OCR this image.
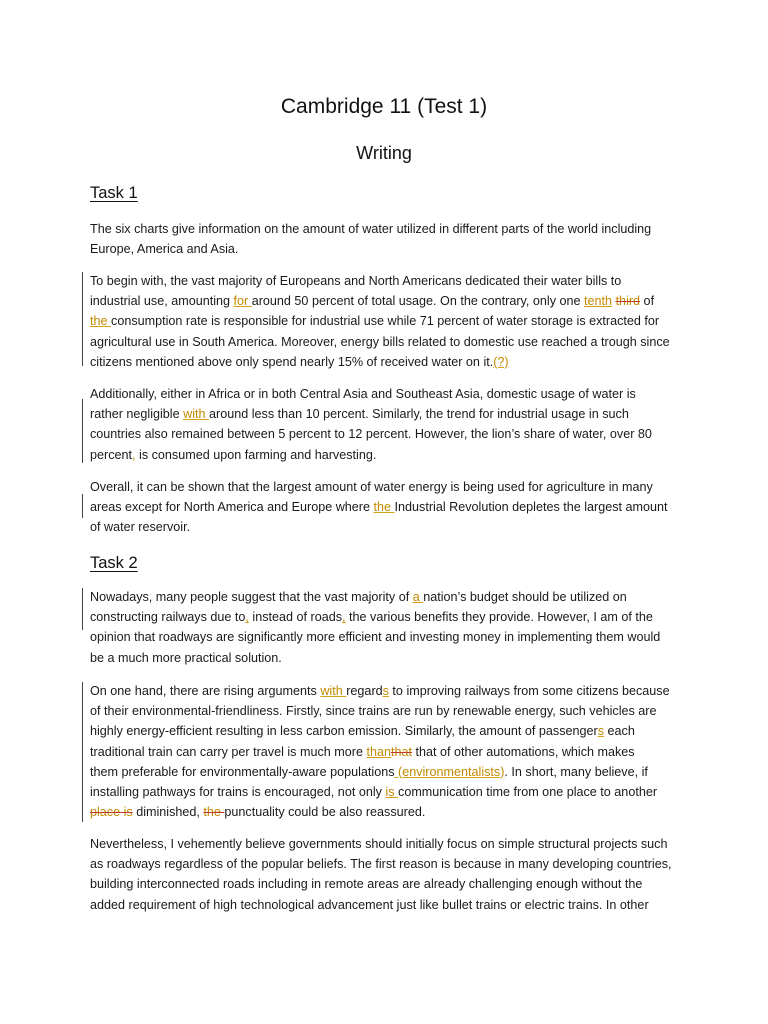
Cambridge 11 (Test 1)
Writing
Task 1
The six charts give information on the amount of water utilized in different parts of the world including
Europe, America and Asia.
To begin with, the vast majority of Europeans and North Americans dedicated their water bills to
industrial use, amounting for around 50 percent of total usage. On the contrary, only one tenth third of
the consumption rate is responsible for industrial use while 71 percent of water storage is extracted for
agricultural use in South America. Moreover, energy bills related to domestic use reached a trough since
citizens mentioned above only spend nearly 15% of received water on it.(?)
Additionally, either in Africa or in both Central Asia and Southeast Asia, domestic usage of water is
rather negligible with around less than 10 percent. Similarly, the trend for industrial usage in such
countries also remained between 5 percent to 12 percent. However, the lion’s share of water, over 80
percent, is consumed upon farming and harvesting.
Overall, it can be shown that the largest amount of water energy is being used for agriculture in many
areas except for North America and Europe where the Industrial Revolution depletes the largest amount
of water reservoir.
Task 2
Nowadays, many people suggest that the vast majority of a nation’s budget should be utilized on
constructing railways due to, instead of roads, the various benefits they provide. However, I am of the
opinion that roadways are significantly more efficient and investing money in implementing them would
be a much more practical solution.
On one hand, there are rising arguments with regards to improving railways from some citizens because
of their environmental-friendliness. Firstly, since trains are run by renewable energy, such vehicles are
highly energy-efficient resulting in less carbon emission. Similarly, the amount of passengers each
traditional train can carry per travel is much more thanthat that of other automations, which makes
them preferable for environmentally-aware populations (environmentalists). In short, many believe, if
installing pathways for trains is encouraged, not only is communication time from one place to another
place is diminished, the punctuality could be also reassured.
Nevertheless, I vehemently believe governments should initially focus on simple structural projects such
as roadways regardless of the popular beliefs. The first reason is because in many developing countries,
building interconnected roads including in remote areas are already challenging enough without the
added requirement of high technological advancement just like bullet trains or electric trains. In other
